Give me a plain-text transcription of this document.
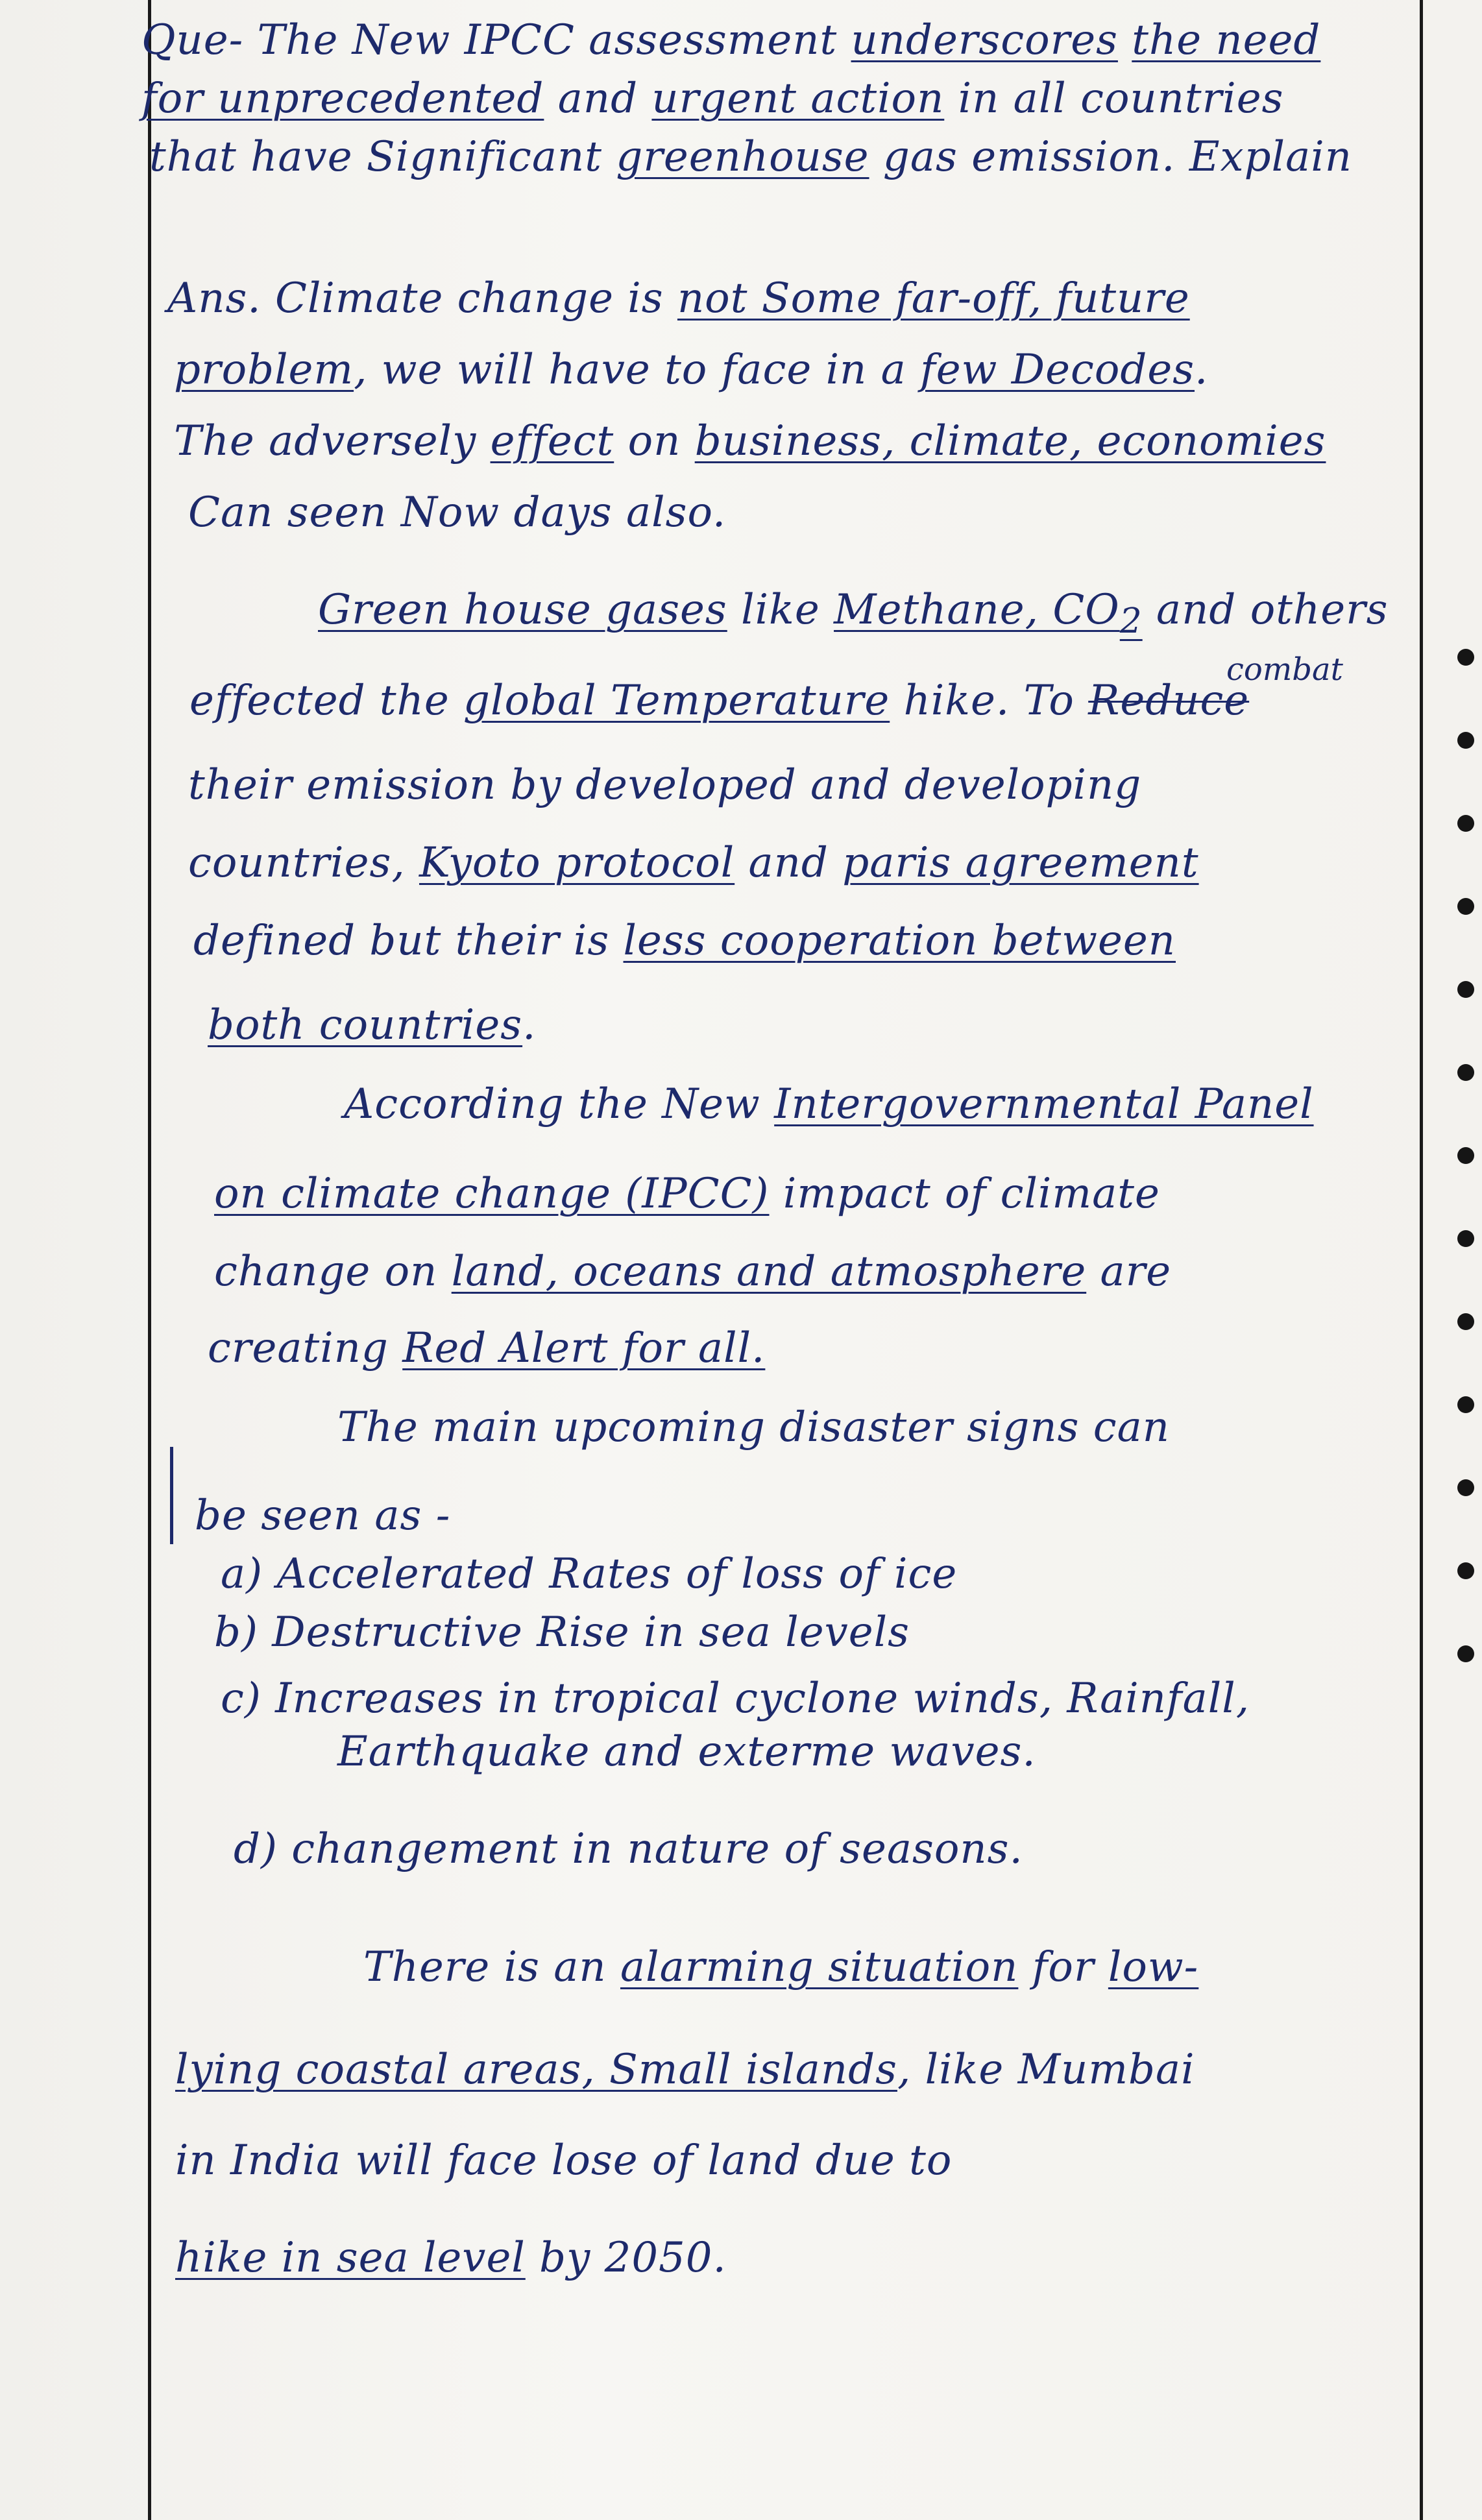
Que- The New IPCC assessment underscores the need
for unprecedented and urgent action in all countries
that have Significant greenhouse gas emission. Explain
Ans. Climate change is not Some far-off, future
problem, we will have to face in a few Decodes.
The adversely effect on business, climate, economies
Can seen Now days also.
Green house gases like Methane, $CO_2$ and others
combat
effected the global Temperature hike. To Reduce
their emission by developed and developing
countries, Kyoto protocol and paris agreement
defined but their is less cooperation between
both countries.
According the New Intergovernmental Panel
on climate change (IPCC) impact of climate
change on land, oceans and atmosphere are
creating Red Alert for all.
The main upcoming disaster signs can
be seen as -
a) Accelerated Rates of loss of ice
b) Destructive Rise in sea levels
c) Increases in tropical cyclone winds, Rainfall,
Earthquake and exterme waves.
d) changement in nature of seasons.
There is an alarming situation for low-
lying coastal areas, Small islands, like Mumbai
in India will face lose of land due to
hike in sea level by 2050.
